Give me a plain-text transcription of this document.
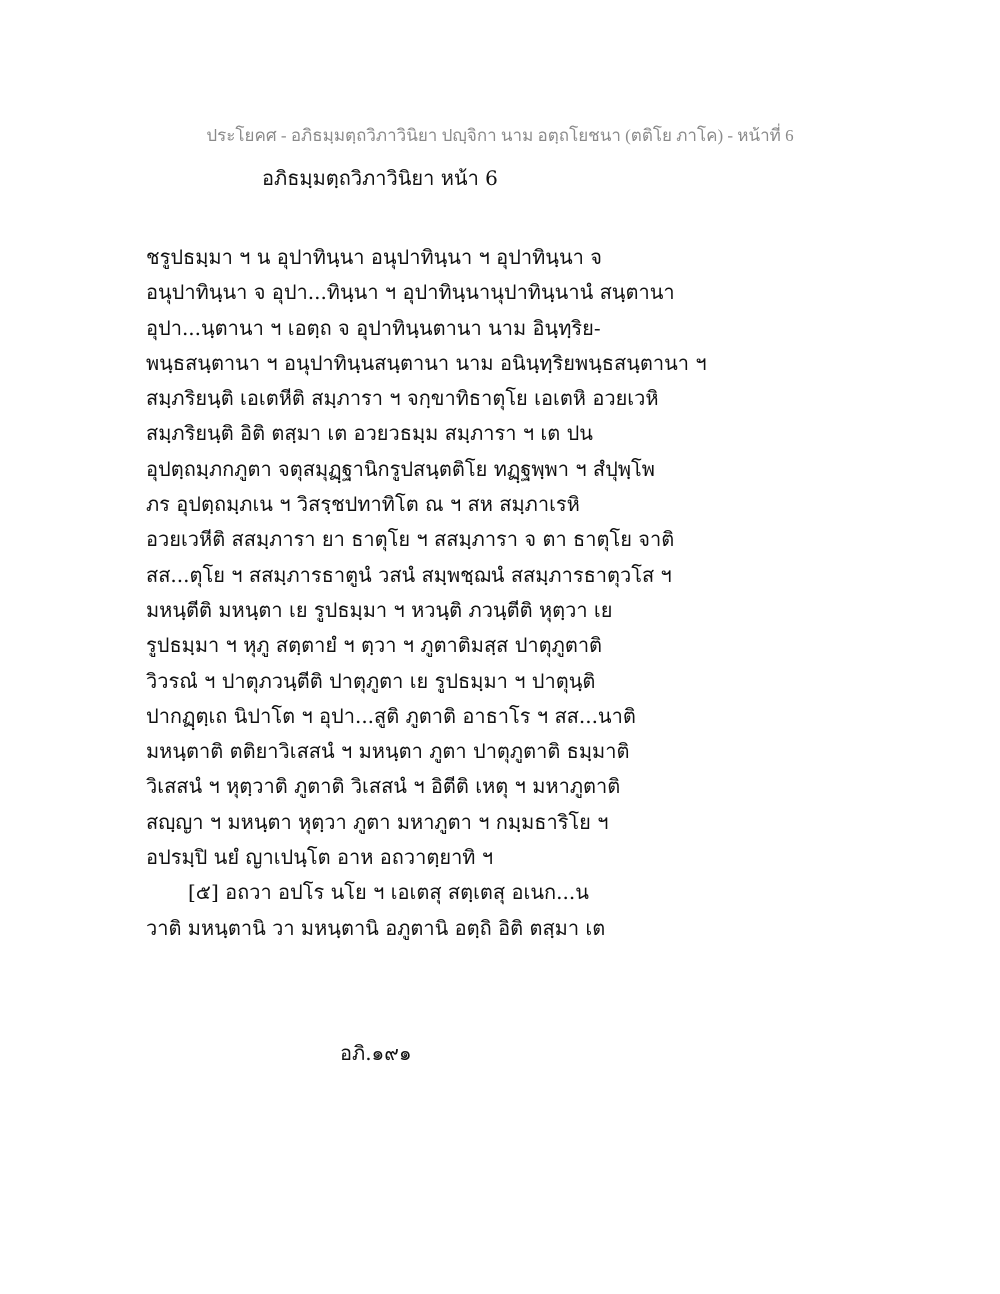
ประโยคศ - อภิธมฺมตฺถวิภาวินิยา ปญฺจิกา นาม อตฺถโยชนา (ตติโย ภาโค) - หน้าที่ 6
อภิธมฺมตฺถวิภาวินิยา หน้า 6
ชรูปธมฺมา ฯ น อุปาทินฺนา อนุปาทินฺนา ฯ อุปาทินฺนา จ
อนุปาทินฺนา จ อุปา...ทินฺนา ฯ อุปาทินฺนานุปาทินฺนานํ สนฺตานา
อุปา...นฺตานา ฯ เอตฺถ จ อุปาทินฺนตานา นาม อินฺทฺริย-
พนฺธสนฺตานา ฯ อนุปาทินฺนสนฺตานา นาม อนินฺทฺริยพนฺธสนฺตานา ฯ
สมฺภริยนฺติ เอเตหีติ สมฺภารา ฯ จกฺขาทิธาตุโย เอเตหิ อวยเวหิ
สมฺภริยนฺติ อิติ ตสฺมา เต อวยวธมฺม สมฺภารา ฯ เต ปน
อุปตฺถมฺภกภูตา จตุสมุฏฺฐานิกรูปสนฺตติโย ทฏฺฐพฺพา ฯ สํปุพฺโพ
ภร อุปตฺถมฺภเน ฯ วิสรฺชปทาทิโต ณ ฯ สห สมฺภาเรหิ
อวยเวหีติ สสมฺภารา ยา ธาตุโย ฯ สสมฺภารา จ ตา ธาตุโย จาติ
สส...ตุโย ฯ สสมฺภารธาตูนํ วสนํ สมฺพชฺฌนํ สสมฺภารธาตุวโส ฯ
มหนฺตีติ มหนฺตา เย รูปธมฺมา ฯ หวนฺติ ภวนฺตีติ หุตฺวา เย
รูปธมฺมา ฯ หุภู สตฺตายํ ฯ ตฺวา ฯ ภูตาติมสฺส ปาตุภูตาติ
วิวรณํ ฯ ปาตุภวนฺตีติ ปาตุภูตา เย รูปธมฺมา ฯ ปาตุนฺติ
ปากฏฺตฺเถ นิปาโต ฯ อุปา...สูติ ภูตาติ อาธาโร ฯ สส...นาติ
มหนฺตาติ ตติยาวิเสสนํ ฯ มหนฺตา ภูตา ปาตุภูตาติ ธมฺมาติ
วิเสสนํ ฯ หุตฺวาติ ภูตาติ วิเสสนํ ฯ อิตีติ เหตุ ฯ มหาภูตาติ
สญฺญา ฯ มหนฺตา หุตฺวา ภูตา มหาภูตา ฯ กมฺมธาริโย ฯ
อปรมฺปิ นยํ ญาเปนฺโต อาห อถวาตฺยาทิ ฯ
[๕] อถวา อปโร นโย ฯ เอเตสุ สตฺเตสุ อเนก...น
วาติ มหนฺตานิ วา มหนฺตานิ อภูตานิ อตฺถิ อิติ ตสฺมา เต
อภิ.๑๙๑
